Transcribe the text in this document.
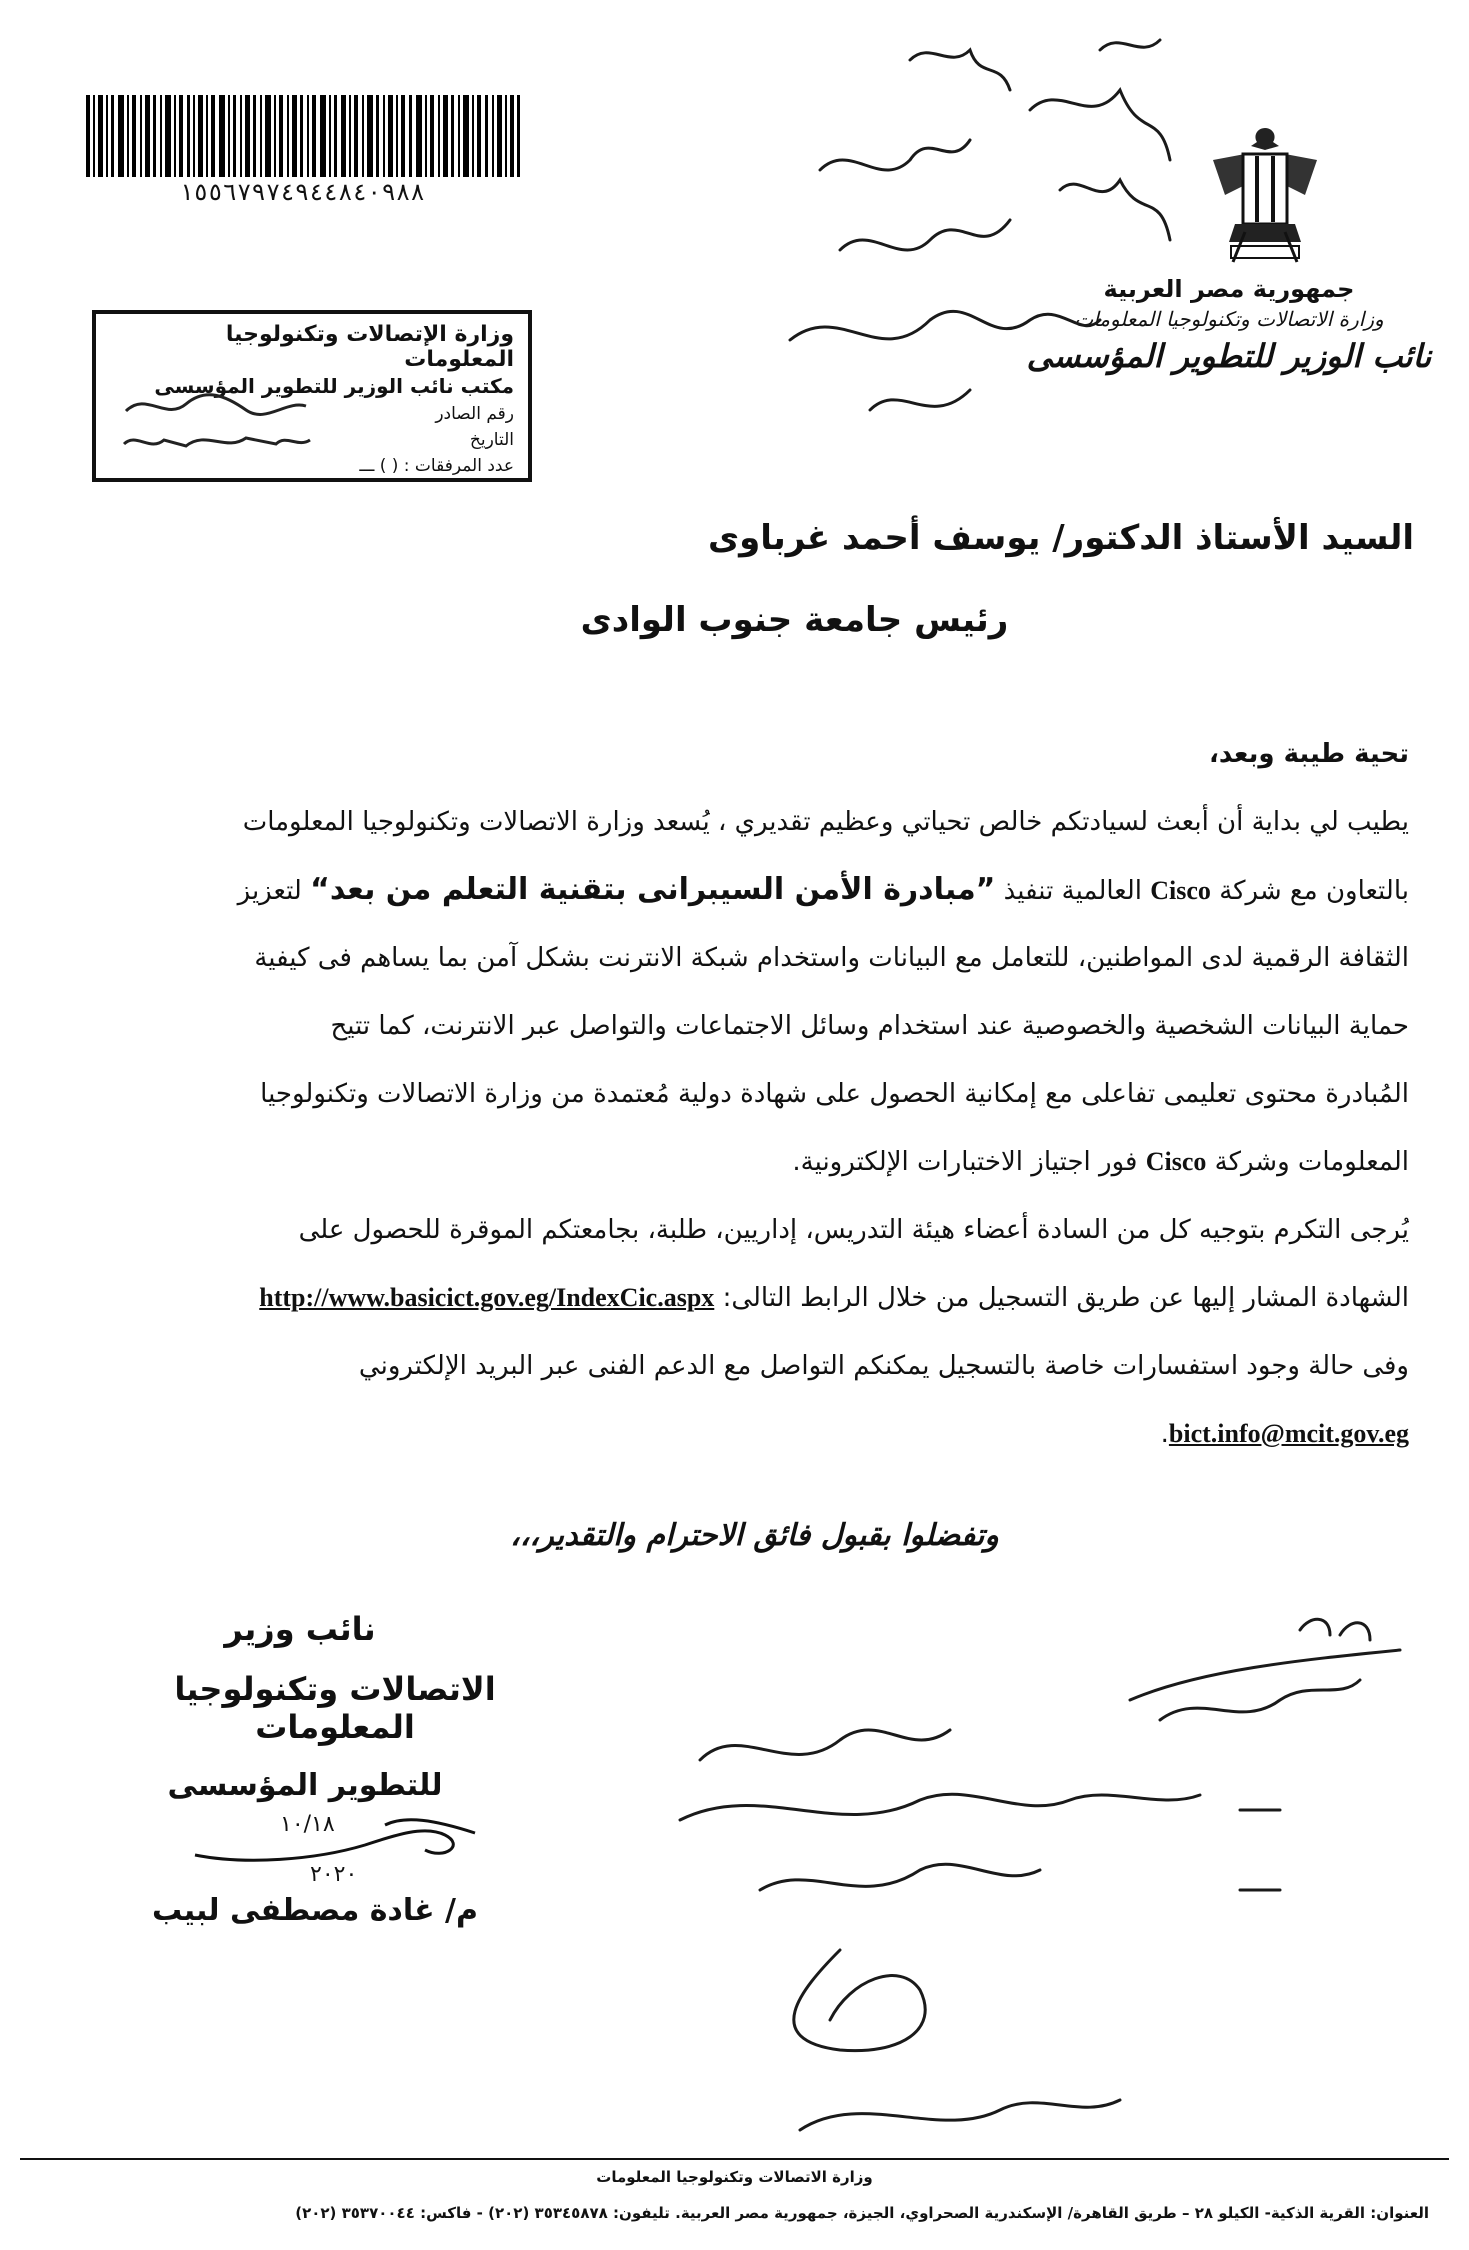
جمهورية مصر العربية
وزارة الاتصالات وتكنولوجيا المعلومات
نائب الوزير للتطوير المؤسسى
١٥٥٦٧٩٧٤٩٤٤٨٤٠٩٨٨
وزارة الإتصالات وتكنولوجيا المعلومات
مكتب نائب الوزير للتطوير المؤسسى
رقم الصادر
التاريخ
عدد المرفقات : ( ) ـــ
السيد الأستاذ الدكتور/ يوسف أحمد غرباوى
رئيس جامعة جنوب الوادى
تحية طيبة وبعد،
يطيب لي بداية أن أبعث لسيادتكم خالص تحياتي وعظيم تقديري ، يُسعد وزارة الاتصالات وتكنولوجيا المعلومات
بالتعاون مع شركة Cisco العالمية تنفيذ ”مبادرة الأمن السيبرانى بتقنية التعلم من بعد“ لتعزيز
الثقافة الرقمية لدى المواطنين، للتعامل مع البيانات واستخدام شبكة الانترنت بشكل آمن بما يساهم فى كيفية
حماية البيانات الشخصية والخصوصية عند استخدام وسائل الاجتماعات والتواصل عبر الانترنت، كما تتيح
المُبادرة محتوى تعليمى تفاعلى مع إمكانية الحصول على شهادة دولية مُعتمدة من وزارة الاتصالات وتكنولوجيا
المعلومات وشركة Cisco فور اجتياز الاختبارات الإلكترونية.
يُرجى التكرم بتوجيه كل من السادة أعضاء هيئة التدريس، إداريين، طلبة، بجامعتكم الموقرة للحصول على
الشهادة المشار إليها عن طريق التسجيل من خلال الرابط التالى: http://www.basicict.gov.eg/IndexCic.aspx
وفى حالة وجود استفسارات خاصة بالتسجيل يمكنكم التواصل مع الدعم الفنى عبر البريد الإلكتروني
bict.info@mcit.gov.eg.
وتفضلوا بقبول فائق الاحترام والتقدير،،،
نائب وزير
الاتصالات وتكنولوجيا المعلومات
للتطوير المؤسسى
١٠/١٨
٢٠٢٠
م/ غادة مصطفى لبيب
وزارة الاتصالات وتكنولوجيا المعلومات
العنوان: القرية الذكية- الكيلو ٢٨ – طريق القاهرة/ الإسكندرية الصحراوي، الجيزة، جمهورية مصر العربية. تليفون: ٣٥٣٤٥٨٧٨ (٢٠٢) - فاكس: ٣٥٣٧٠٠٤٤ (٢٠٢)
